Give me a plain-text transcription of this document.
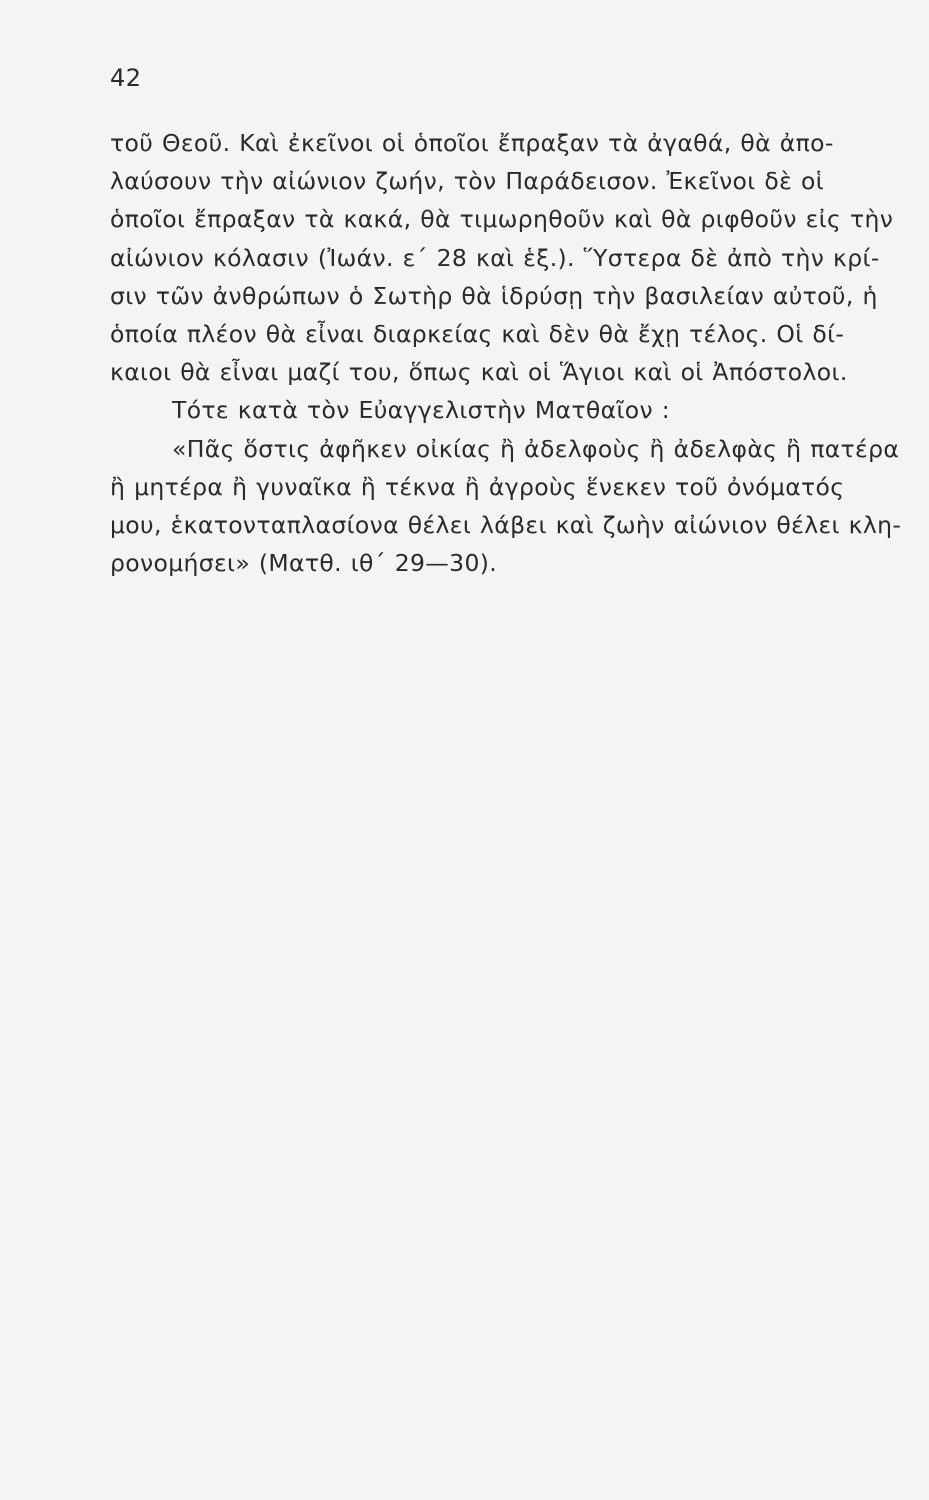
42
τοῦ Θεοῦ. Καὶ ἐκεῖνοι οἱ ὁποῖοι ἔπραξαν τὰ ἀγαθά, θὰ ἀπο-
λαύσουν τὴν αἰώνιον ζωήν, τὸν Παράδεισον. Ἐκεῖνοι δὲ οἱ
ὁποῖοι ἔπραξαν τὰ κακά, θὰ τιμωρηθοῦν καὶ θὰ ριφθοῦν εἰς τὴν
αἰώνιον κόλασιν (Ἰωάν. ε΄ 28 καὶ ἑξ.). Ὕστερα δὲ ἀπὸ τὴν κρί-
σιν τῶν ἀνθρώπων ὁ Σωτὴρ θὰ ἱδρύσῃ τὴν βασιλείαν αὐτοῦ, ἡ
ὁποία πλέον θὰ εἶναι διαρκείας καὶ δὲν θὰ ἔχῃ τέλος. Οἱ δί-
καιοι θὰ εἶναι μαζί του, ὅπως καὶ οἱ Ἅγιοι καὶ οἱ Ἀπόστολοι.
Τότε κατὰ τὸν Εὐαγγελιστὴν Ματθαῖον :
«Πᾶς ὅστις ἀφῆκεν οἰκίας ἢ ἀδελφοὺς ἢ ἀδελφὰς ἢ πατέρα
ἢ μητέρα ἢ γυναῖκα ἢ τέκνα ἢ ἀγροὺς ἕνεκεν τοῦ ὀνόματός
μου, ἑκατονταπλασίονα θέλει λάβει καὶ ζωὴν αἰώνιον θέλει κλη-
ρονομήσει» (Ματθ. ιθ΄ 29—30).
